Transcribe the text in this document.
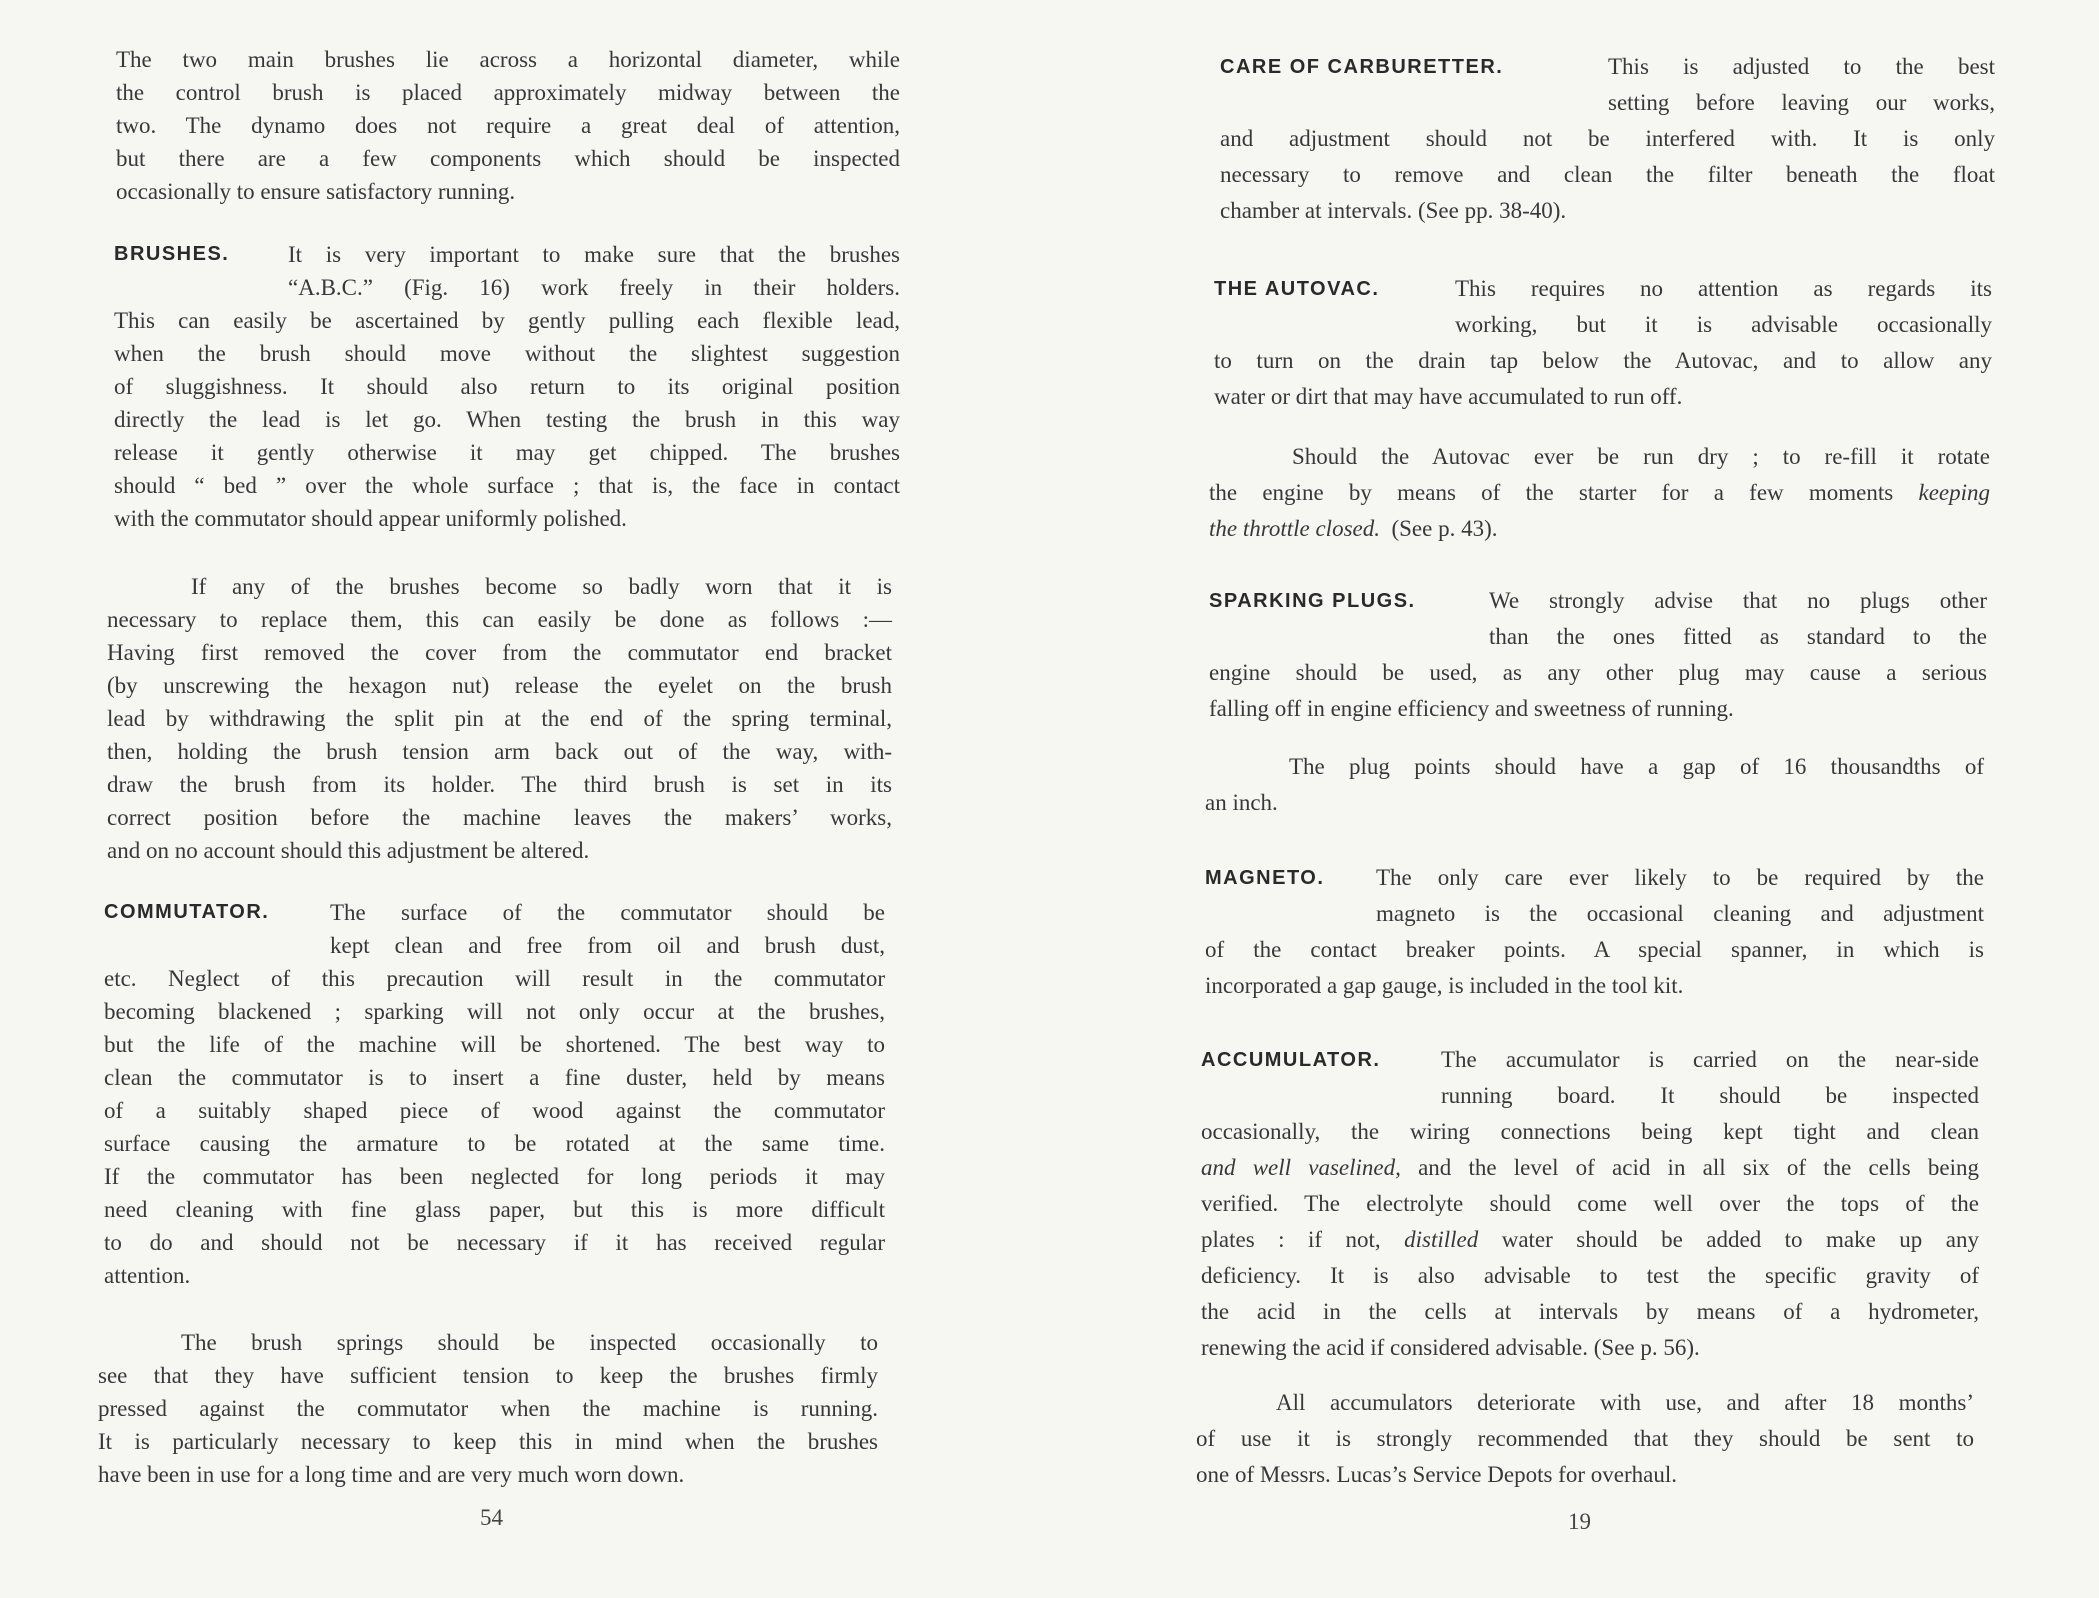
The two main brushes lie across a horizontal diameter, while
the control brush is placed approximately midway between the
two. The dynamo does not require a great deal of attention,
but there are a few components which should be inspected
occasionally to ensure satisfactory running.
BRUSHES.	It is very important to make sure that the brushes
“A.B.C.” (Fig. 16) work freely in their holders.
This can easily be ascertained by gently pulling each flexible lead,
when the brush should move without the slightest suggestion
of sluggishness. It should also return to its original position
directly the lead is let go. When testing the brush in this way
release it gently otherwise it may get chipped. The brushes
should “ bed ” over the whole surface ; that is, the face in contact
with the commutator should appear uniformly polished.
If any of the brushes become so badly worn that it is
necessary to replace them, this can easily be done as follows :—
Having first removed the cover from the commutator end bracket
(by unscrewing the hexagon nut) release the eyelet on the brush
lead by withdrawing the split pin at the end of the spring terminal,
then, holding the brush tension arm back out of the way, with-
draw the brush from its holder. The third brush is set in its
correct position before the machine leaves the makers’ works,
and on no account should this adjustment be altered.
COMMUTATOR.	The surface of the commutator should be
kept clean and free from oil and brush dust,
etc. Neglect of this precaution will result in the commutator
becoming blackened ; sparking will not only occur at the brushes,
but the life of the machine will be shortened. The best way to
clean the commutator is to insert a fine duster, held by means
of a suitably shaped piece of wood against the commutator
surface causing the armature to be rotated at the same time.
If the commutator has been neglected for long periods it may
need cleaning with fine glass paper, but this is more difficult
to do and should not be necessary if it has received regular
attention.
The brush springs should be inspected occasionally to
see that they have sufficient tension to keep the brushes firmly
pressed against the commutator when the machine is running.
It is particularly necessary to keep this in mind when the brushes
have been in use for a long time and are very much worn down.
54
CARE OF CARBURETTER.	This is adjusted to the best
setting before leaving our works,
and adjustment should not be interfered with. It is only
necessary to remove and clean the filter beneath the float
chamber at intervals. (See pp. 38-40).
THE AUTOVAC.	This requires no attention as regards its
working, but it is advisable occasionally
to turn on the drain tap below the Autovac, and to allow any
water or dirt that may have accumulated to run off.
Should the Autovac ever be run dry ; to re-fill it rotate
the engine by means of the starter for a few moments keeping
the throttle closed.  (See p. 43).
SPARKING PLUGS.	We strongly advise that no plugs other
than the ones fitted as standard to the
engine should be used, as any other plug may cause a serious
falling off in engine efficiency and sweetness of running.
The plug points should have a gap of 16 thousandths of
an inch.
MAGNETO. The only care ever likely to be required by the
magneto is the occasional cleaning and adjustment
of the contact breaker points. A special spanner, in which is
incorporated a gap gauge, is included in the tool kit.
ACCUMULATOR.	The accumulator is carried on the near-side
running board. It should be inspected
occasionally, the wiring connections being kept tight and clean
and well vaselined, and the level of acid in all six of the cells being
verified. The electrolyte should come well over the tops of the
plates : if not, distilled water should be added to make up any
deficiency. It is also advisable to test the specific gravity of
the acid in the cells at intervals by means of a hydrometer,
renewing the acid if considered advisable. (See p. 56).
All accumulators deteriorate with use, and after 18 months’
of use it is strongly recommended that they should be sent to
one of Messrs. Lucas’s Service Depots for overhaul.
19
